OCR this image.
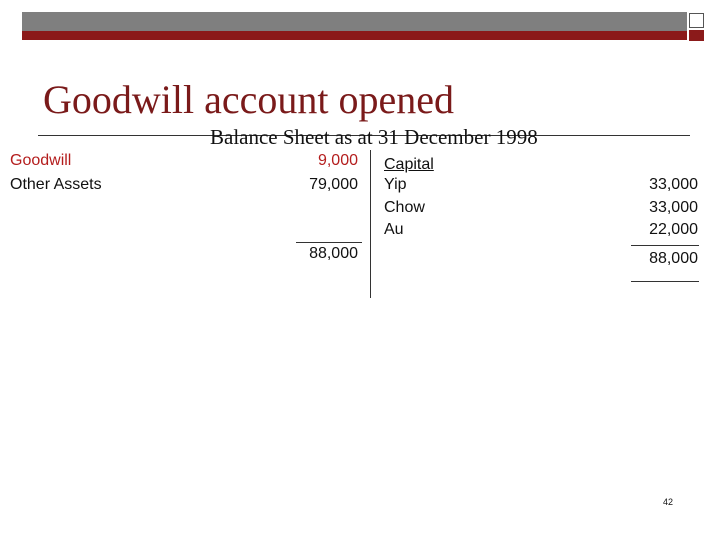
Goodwill account opened
Balance Sheet as at 31 December 1998
Goodwill	9,000
Other Assets	79,000
88,000
Capital
Yip	33,000
Chow	33,000
Au	22,000
88,000
42
